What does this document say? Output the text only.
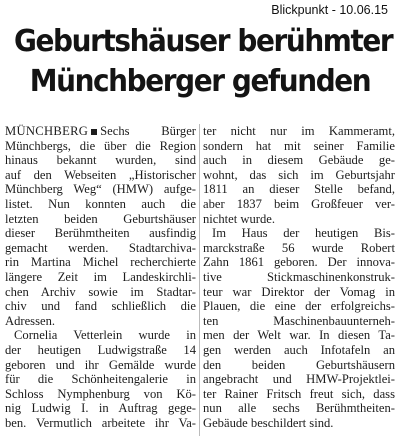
Blickpunkt - 10.06.15
Geburtshäuser berühmter
Münchberger gefunden

MÜNCHBERG Sechs Bürger
Münchbergs, die über die Region
hinaus bekannt wurden, sind
auf den Webseiten „Historischer
Münchberg Weg“ (HMW) aufge-
listet. Nun konnten auch die
letzten beiden Geburtshäuser
dieser Berühmtheiten ausfindig
gemacht werden. Stadtarchiva-
rin Martina Michel recherchierte
längere Zeit im Landeskirchli-
chen Archiv sowie im Stadtar-
chiv und fand schließlich die
Adressen.

Cornelia Vetterlein wurde in
der heutigen Ludwigstraße 14
geboren und ihr Gemälde wurde
für die Schönheitengalerie in
Schloss Nymphenburg von Kö-
nig Ludwig I. in Auftrag gege-
ben. Vermutlich arbeitete ihr Va-

ter nicht nur im Kammeramt,
sondern hat mit seiner Familie
auch in diesem Gebäude ge-
wohnt, das sich im Geburtsjahr
1811 an dieser Stelle befand,
aber 1837 beim Großfeuer ver-
nichtet wurde.

Im Haus der heutigen Bis-
marckstraße 56 wurde Robert
Zahn 1861 geboren. Der innova-
tive Stickmaschinenkonstruk-
teur war Direktor der Vomag in
Plauen, die eine der erfolgreichs-
ten Maschinenbauunterneh-
men der Welt war. In diesen Ta-
gen werden auch Infotafeln an
den beiden Geburtshäusern
angebracht und HMW-Projektlei-
ter Rainer Fritsch freut sich, dass
nun alle sechs Berühmtheiten-
Gebäude beschildert sind.
